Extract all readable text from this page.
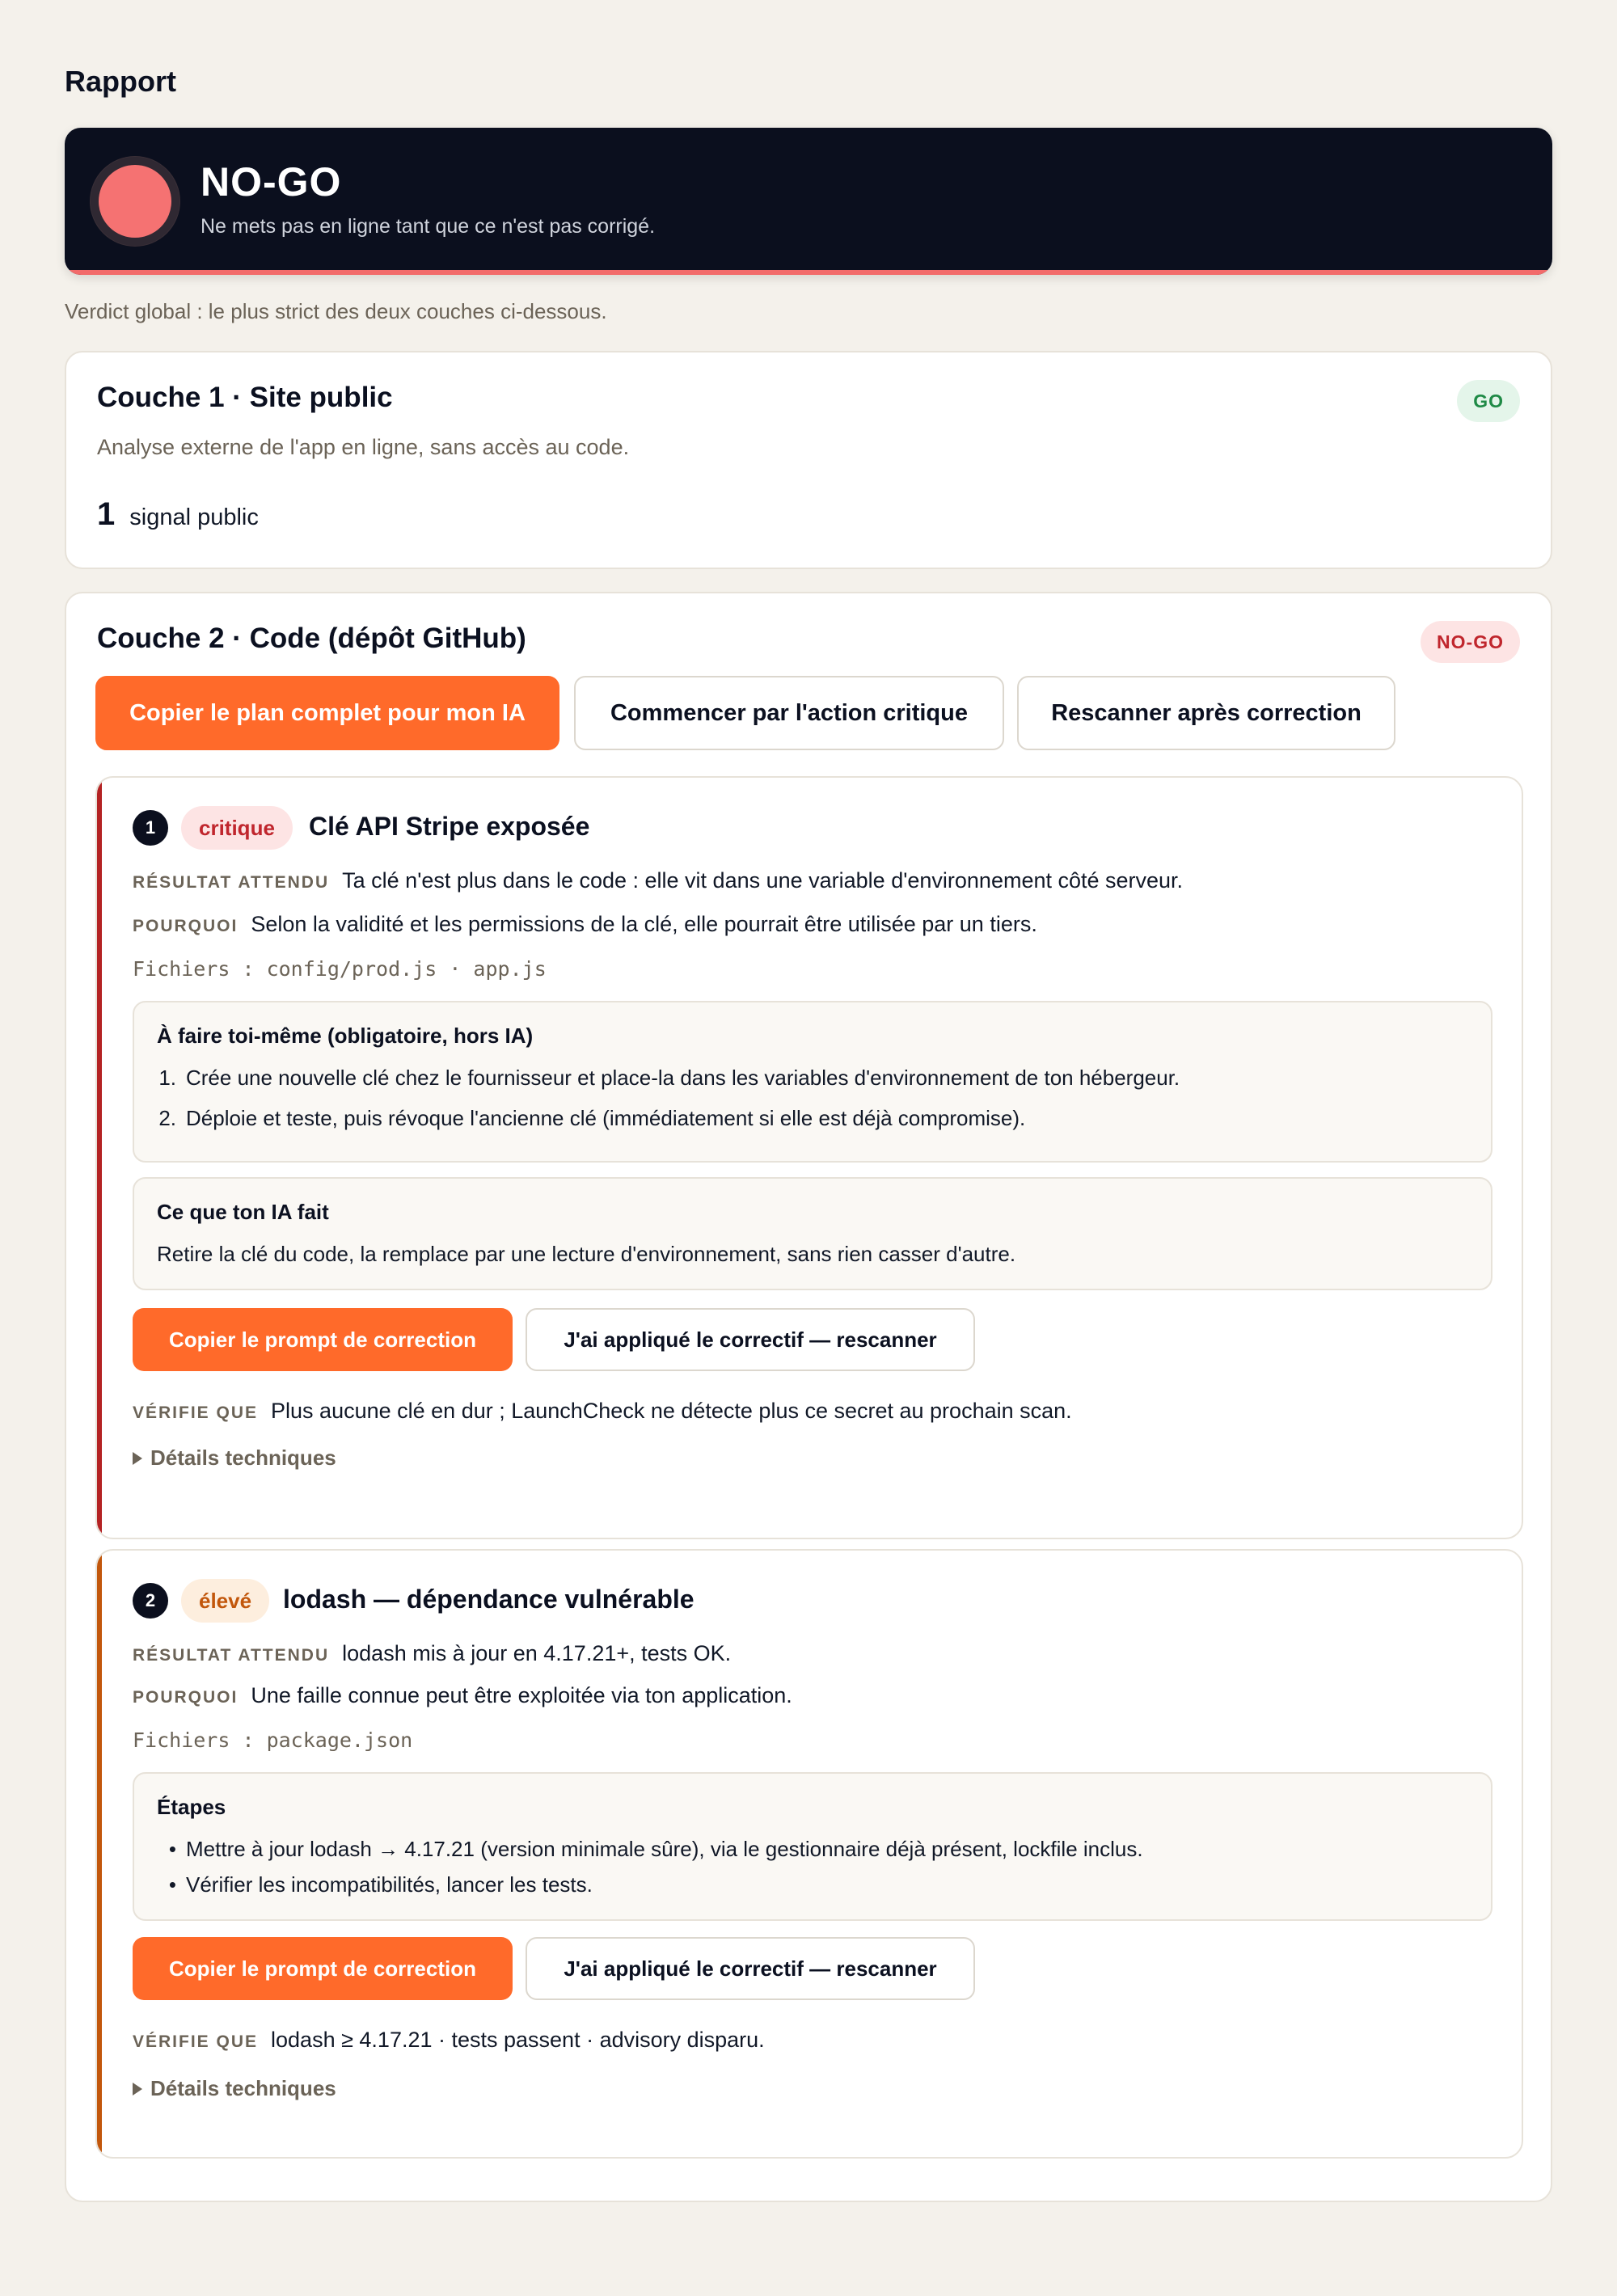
Rapport
NO-GO
Ne mets pas en ligne tant que ce n'est pas corrigé.
Verdict global : le plus strict des deux couches ci-dessous.
Couche 1 · Site public	GO
Analyse externe de l'app en ligne, sans accès au code.
1 signal public
Couche 2 · Code (dépôt GitHub)	NO-GO
Copier le plan complet pour mon IA	Commencer par l'action critique	Rescanner après correction
1	critique	Clé API Stripe exposée
RÉSULTAT ATTENDU Ta clé n'est plus dans le code : elle vit dans une variable d'environnement côté serveur.
POURQUOI Selon la validité et les permissions de la clé, elle pourrait être utilisée par un tiers.
Fichiers : config/prod.js · app.js
À faire toi-même (obligatoire, hors IA)
1. Crée une nouvelle clé chez le fournisseur et place-la dans les variables d'environnement de ton hébergeur.
2. Déploie et teste, puis révoque l'ancienne clé (immédiatement si elle est déjà compromise).
Ce que ton IA fait
Retire la clé du code, la remplace par une lecture d'environnement, sans rien casser d'autre.
Copier le prompt de correction	J'ai appliqué le correctif — rescanner
VÉRIFIE QUE Plus aucune clé en dur ; LaunchCheck ne détecte plus ce secret au prochain scan.
Détails techniques
2	élevé	lodash — dépendance vulnérable
RÉSULTAT ATTENDU lodash mis à jour en 4.17.21+, tests OK.
POURQUOI Une faille connue peut être exploitée via ton application.
Fichiers : package.json
Étapes
• Mettre à jour lodash → 4.17.21 (version minimale sûre), via le gestionnaire déjà présent, lockfile inclus.
• Vérifier les incompatibilités, lancer les tests.
Copier le prompt de correction	J'ai appliqué le correctif — rescanner
VÉRIFIE QUE lodash ≥ 4.17.21 · tests passent · advisory disparu.
Détails techniques
